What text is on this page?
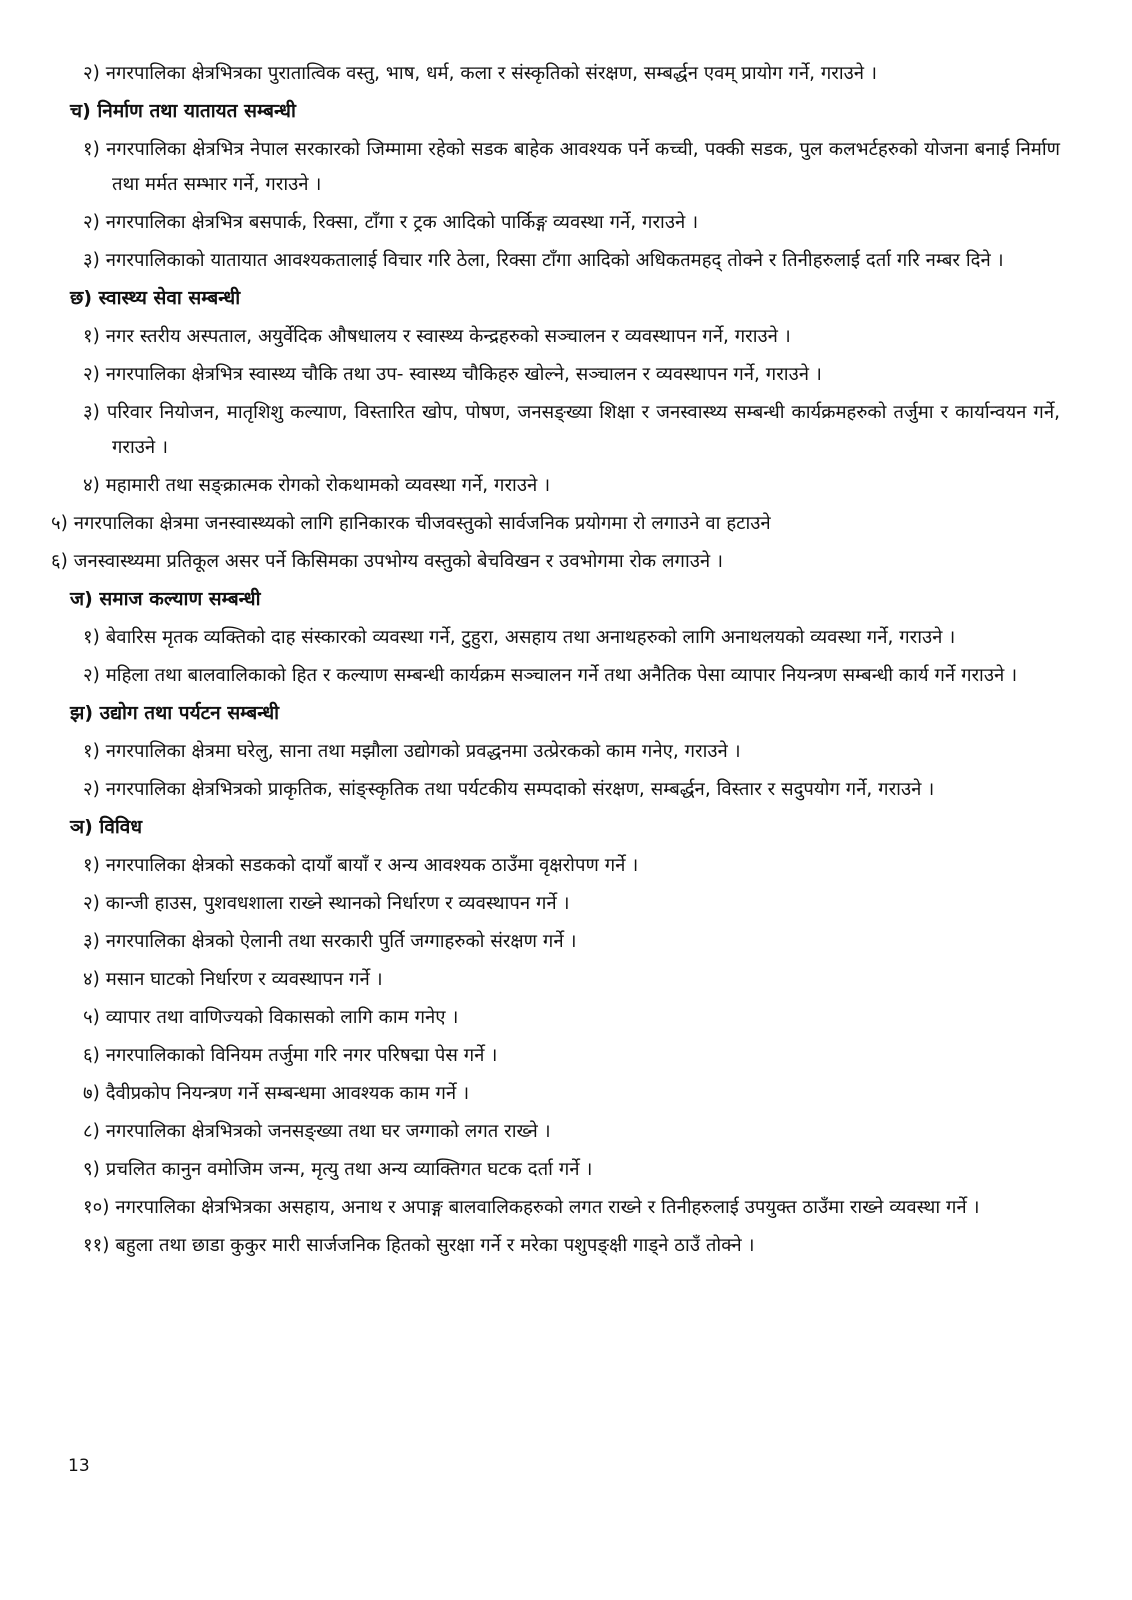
२) नगरपालिका क्षेत्रभित्रका पुरातात्विक वस्तु, भाष, धर्म, कला र संस्कृतिको संरक्षण, सम्बर्द्धन एवम् प्रायोग गर्ने, गराउने ।

च) निर्माण तथा यातायत सम्बन्धी

१) नगरपालिका क्षेत्रभित्र नेपाल सरकारको जिम्मामा रहेको सडक बाहेक आवश्यक पर्ने कच्ची, पक्की सडक, पुल कलभर्टहरुको योजना बनाई निर्माण तथा मर्मत सम्भार गर्ने, गराउने ।

२) नगरपालिका क्षेत्रभित्र बसपार्क, रिक्सा, टाँगा र ट्रक आदिको पार्किङ्ग व्यवस्था गर्ने, गराउने ।

३) नगरपालिकाको यातायात आवश्यकतालाई विचार गरि ठेला, रिक्सा टाँगा आदिको अधिकतमहद् तोक्ने र तिनीहरुलाई दर्ता गरि नम्बर दिने ।

छ) स्वास्थ्य सेवा सम्बन्धी

१) नगर स्तरीय अस्पताल, अयुर्वेदिक औषधालय र स्वास्थ्य केन्द्रहरुको सञ्चालन र व्यवस्थापन गर्ने, गराउने ।

२) नगरपालिका क्षेत्रभित्र स्वास्थ्य चौकि तथा उप- स्वास्थ्य चौकिहरु खोल्ने, सञ्चालन र व्यवस्थापन गर्ने, गराउने ।

३) परिवार नियोजन, मातृशिशु कल्याण, विस्तारित खोप, पोषण, जनसङ्ख्या शिक्षा र जनस्वास्थ्य सम्बन्धी कार्यक्रमहरुको तर्जुमा र कार्यान्वयन गर्ने, गराउने ।

४) महामारी तथा सङ्क्रात्मक रोगको रोकथामको व्यवस्था गर्ने, गराउने ।

५) नगरपालिका क्षेत्रमा जनस्वास्थ्यको लागि हानिकारक चीजवस्तुको सार्वजनिक प्रयोगमा रो लगाउने वा हटाउने

६) जनस्वास्थ्यमा प्रतिकूल असर पर्ने किसिमका उपभोग्य वस्तुको बेचविखन र उवभोगमा रोक लगाउने ।

ज) समाज कल्याण सम्बन्धी

१) बेवारिस मृतक व्यक्तिको दाह संस्कारको व्यवस्था गर्ने, टुहुरा, असहाय तथा अनाथहरुको लागि अनाथलयको व्यवस्था गर्ने, गराउने ।

२) महिला तथा बालवालिकाको हित र कल्याण सम्बन्धी कार्यक्रम सञ्चालन गर्ने तथा अनैतिक पेसा व्यापार नियन्त्रण सम्बन्धी कार्य गर्ने गराउने ।

झ) उद्योग तथा पर्यटन सम्बन्धी

१) नगरपालिका क्षेत्रमा घरेलु, साना तथा मझौला उद्योगको प्रवद्धनमा उत्प्रेरकको काम गनेए, गराउने ।

२) नगरपालिका क्षेत्रभित्रको प्राकृतिक, सांङ्स्कृतिक तथा पर्यटकीय सम्पदाको संरक्षण, सम्बर्द्धन, विस्तार र सदुपयोग गर्ने, गराउने ।

ञ) विविध

१) नगरपालिका क्षेत्रको सडकको दायाँ बायाँ र अन्य आवश्यक ठाउँमा वृक्षरोपण गर्ने ।

२) कान्जी हाउस, पुशवधशाला राख्ने स्थानको निर्धारण र व्यवस्थापन गर्ने ।

३) नगरपालिका क्षेत्रको ऐलानी तथा सरकारी पुर्ति जग्गाहरुको संरक्षण गर्ने ।

४) मसान घाटको निर्धारण र व्यवस्थापन गर्ने ।

५) व्यापार तथा वाणिज्यको विकासको लागि काम गनेए ।

६) नगरपालिकाको विनियम तर्जुमा गरि नगर परिषद्मा पेस गर्ने ।

७) दैवीप्रकोप नियन्त्रण गर्ने सम्बन्धमा आवश्यक काम गर्ने ।

८) नगरपालिका क्षेत्रभित्रको जनसङ्ख्या तथा घर जग्गाको लगत राख्ने ।

९) प्रचलित कानुन वमोजिम जन्म, मृत्यु तथा अन्य व्याक्तिगत घटक दर्ता गर्ने ।

१०) नगरपालिका क्षेत्रभित्रका असहाय, अनाथ र अपाङ्ग बालवालिकहरुको लगत राख्ने र तिनीहरुलाई उपयुक्त ठाउँमा राख्ने व्यवस्था गर्ने ।

११) बहुला तथा छाडा कुकुर मारी सार्जजनिक हितको सुरक्षा गर्ने र मरेका पशुपङ्क्षी गाड्ने ठाउँ तोक्ने ।

13
